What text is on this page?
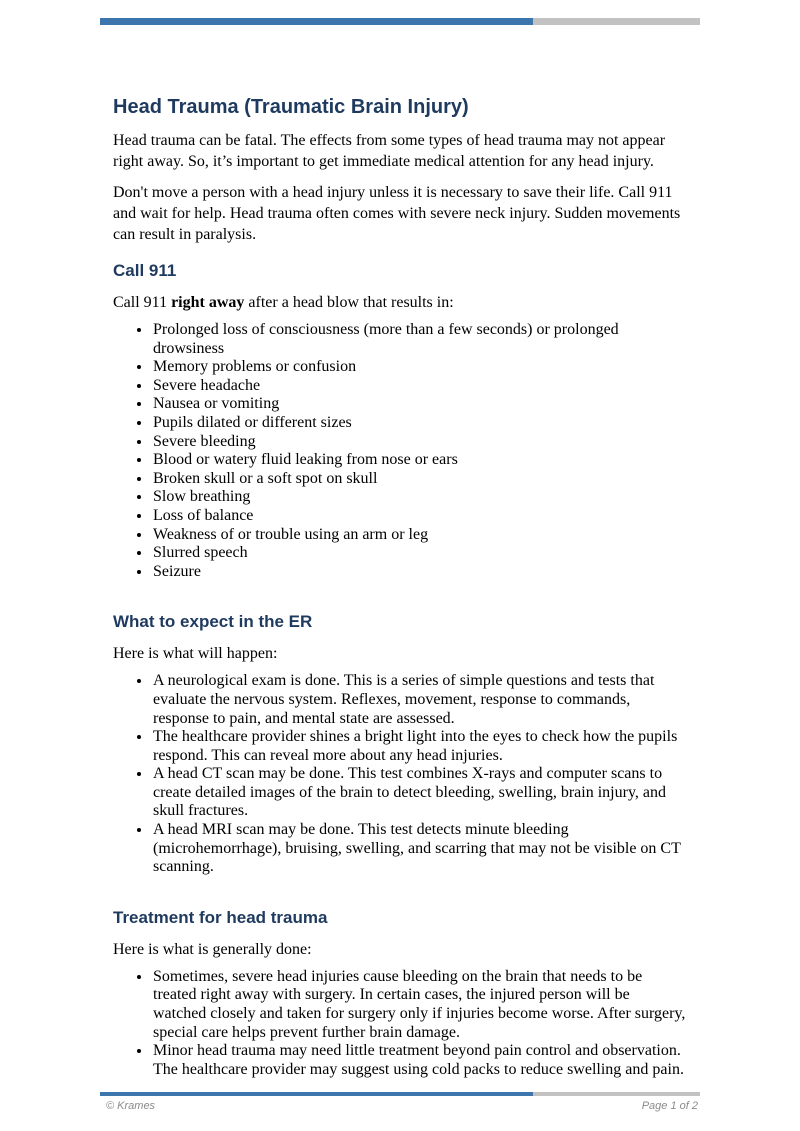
Head Trauma (Traumatic Brain Injury)

Head trauma can be fatal. The effects from some types of head trauma may not appear right away. So, it’s important to get immediate medical attention for any head injury.

Don't move a person with a head injury unless it is necessary to save their life. Call 911 and wait for help. Head trauma often comes with severe neck injury. Sudden movements can result in paralysis.

Call 911

Call 911 right away after a head blow that results in:

• Prolonged loss of consciousness (more than a few seconds) or prolonged drowsiness
• Memory problems or confusion
• Severe headache
• Nausea or vomiting
• Pupils dilated or different sizes
• Severe bleeding
• Blood or watery fluid leaking from nose or ears
• Broken skull or a soft spot on skull
• Slow breathing
• Loss of balance
• Weakness of or trouble using an arm or leg
• Slurred speech
• Seizure
What to expect in the ER

Here is what will happen:

• A neurological exam is done. This is a series of simple questions and tests that evaluate the nervous system. Reflexes, movement, response to commands, response to pain, and mental state are assessed.
• The healthcare provider shines a bright light into the eyes to check how the pupils respond. This can reveal more about any head injuries.
• A head CT scan may be done. This test combines X-rays and computer scans to create detailed images of the brain to detect bleeding, swelling, brain injury, and skull fractures.
• A head MRI scan may be done. This test detects minute bleeding (microhemorrhage), bruising, swelling, and scarring that may not be visible on CT scanning.
Treatment for head trauma

Here is what is generally done:

• Sometimes, severe head injuries cause bleeding on the brain that needs to be treated right away with surgery. In certain cases, the injured person will be watched closely and taken for surgery only if injuries become worse. After surgery, special care helps prevent further brain damage.
• Minor head trauma may need little treatment beyond pain control and observation. The healthcare provider may suggest using cold packs to reduce swelling and pain.
© Krames	Page 1 of 2
